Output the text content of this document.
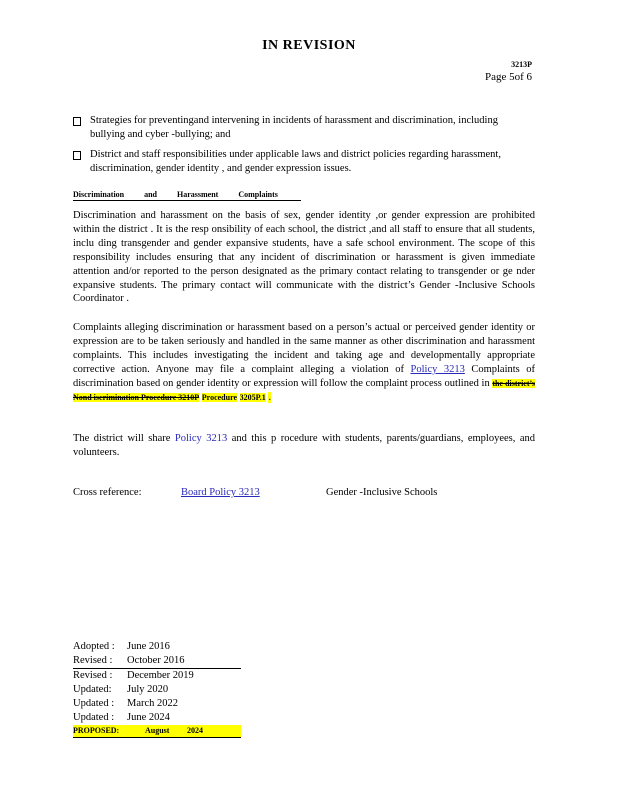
IN REVISION
3213P
Page 5of 6
Strategies for preventingand intervening in incidents of harassment and discrimination, including bullying and cyber -bullying; and
District and staff responsibilities under applicable laws and district policies regarding harassment, discrimination, gender identity , and gender expression issues.
Discrimination and Harassment Complaints
Discrimination and harassment on the basis of sex, gender identity ,or gender expression are prohibited within the district . It is the resp onsibility of each school, the district ,and all staff to ensure that all students, inclu ding transgender and gender expansive students, have a safe school environment. The scope of this responsibility includes ensuring that any incident of discrimination or harassment is given immediate attention and/or reported to the person designated as the primary contact relating to transgender or ge nder expansive students. The primary contact will communicate with the district’s Gender -Inclusive Schools Coordinator .
Complaints alleging discrimination or harassment based on a person’s actual or perceived gender identity or expression are to be taken seriously and handled in the same manner as other discrimination and harassment complaints. This includes investigating the incident and taking age and developmentally appropriate corrective action. Anyone may file a complaint alleging a violation of Policy 3213 Complaints of discrimination based on gender identity or expression will follow the complaint process outlined in the district’s Nond iscrimination Procedure 3210P Procedure 3205P.1 .
The district will share Policy 3213 and this p rocedure with students, parents/guardians, employees, and volunteers.
Cross reference:	Board Policy 3213	Gender -Inclusive Schools
Adopted : June 2016
Revised : October 2016
Revised : December 2019
Updated: July 2020
Updated : March 2022
Updated : June 2024
PROPOSED:	August 2024
